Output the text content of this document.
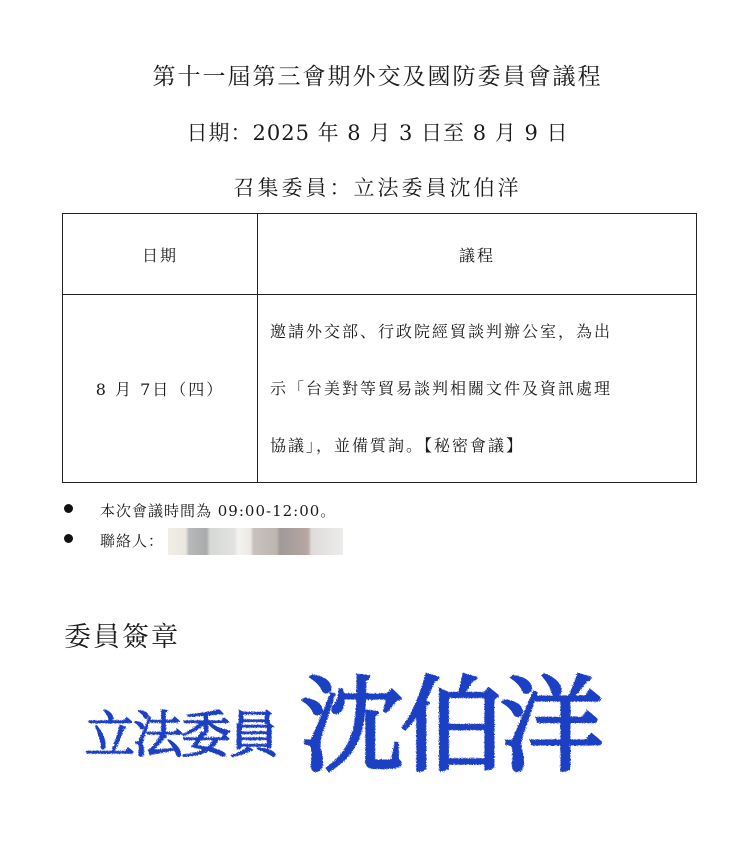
第十一屆第三會期外交及國防委員會議程
日期：2025 年 8 月 3 日至 8 月 9 日
召集委員：立法委員沈伯洋
日期	議程
8 月 7日（四）	邀請外交部、行政院經貿談判辦公室，為出
示「台美對等貿易談判相關文件及資訊處理
協議」，並備質詢。【秘密會議】
本次會議時間為 09:00-12:00。
聯絡人：
委員簽章
立法委員 沈伯洋
